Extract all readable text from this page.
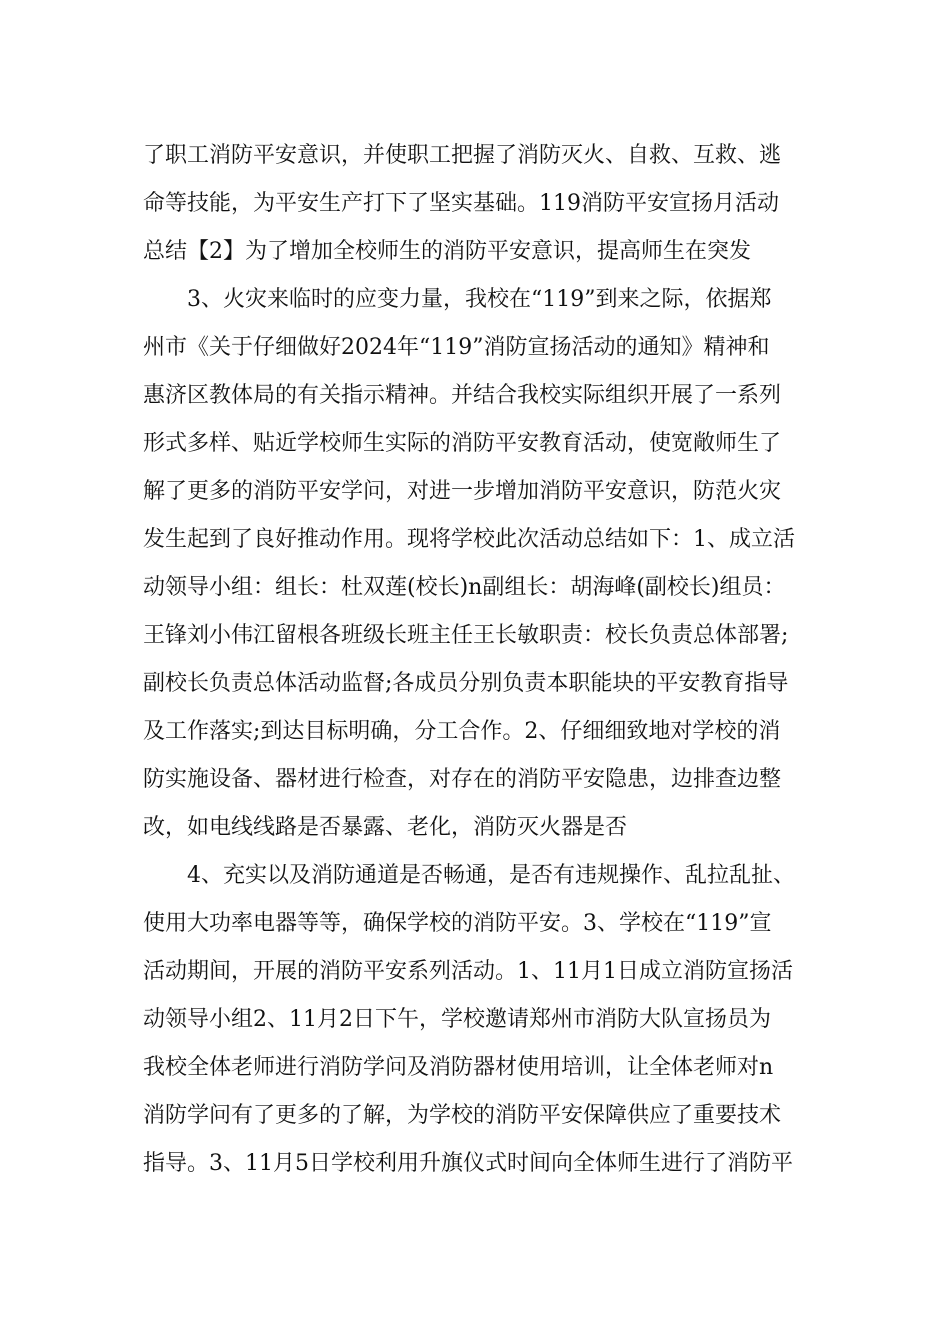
了职工消防平安意识，并使职工把握了消防灭火、自救、互救、逃
命等技能，为平安生产打下了坚实基础。119消防平安宣扬月活动
总结【2】为了增加全校师生的消防平安意识，提高师生在突发
3、火灾来临时的应变力量，我校在“119”到来之际，依据郑
州市《关于仔细做好2024年“119”消防宣扬活动的通知》精神和
惠济区教体局的有关指示精神。并结合我校实际组织开展了一系列
形式多样、贴近学校师生实际的消防平安教育活动，使宽敞师生了
解了更多的消防平安学问，对进一步增加消防平安意识，防范火灾
发生起到了良好推动作用。现将学校此次活动总结如下：1、成立活
动领导小组：组长：杜双莲(校长)n副组长：胡海峰(副校长)组员：
王锋刘小伟江留根各班级长班主任王长敏职责：校长负责总体部署;
副校长负责总体活动监督;各成员分别负责本职能块的平安教育指导
及工作落实;到达目标明确，分工合作。2、仔细细致地对学校的消
防实施设备、器材进行检查，对存在的消防平安隐患，边排查边整
改，如电线线路是否暴露、老化，消防灭火器是否
4、充实以及消防通道是否畅通，是否有违规操作、乱拉乱扯、
使用大功率电器等等，确保学校的消防平安。3、学校在“119”宣
活动期间，开展的消防平安系列活动。1、11月1日成立消防宣扬活
动领导小组2、11月2日下午，学校邀请郑州市消防大队宣扬员为
我校全体老师进行消防学问及消防器材使用培训，让全体老师对n
消防学问有了更多的了解，为学校的消防平安保障供应了重要技术
指导。3、11月5日学校利用升旗仪式时间向全体师生进行了消防平
